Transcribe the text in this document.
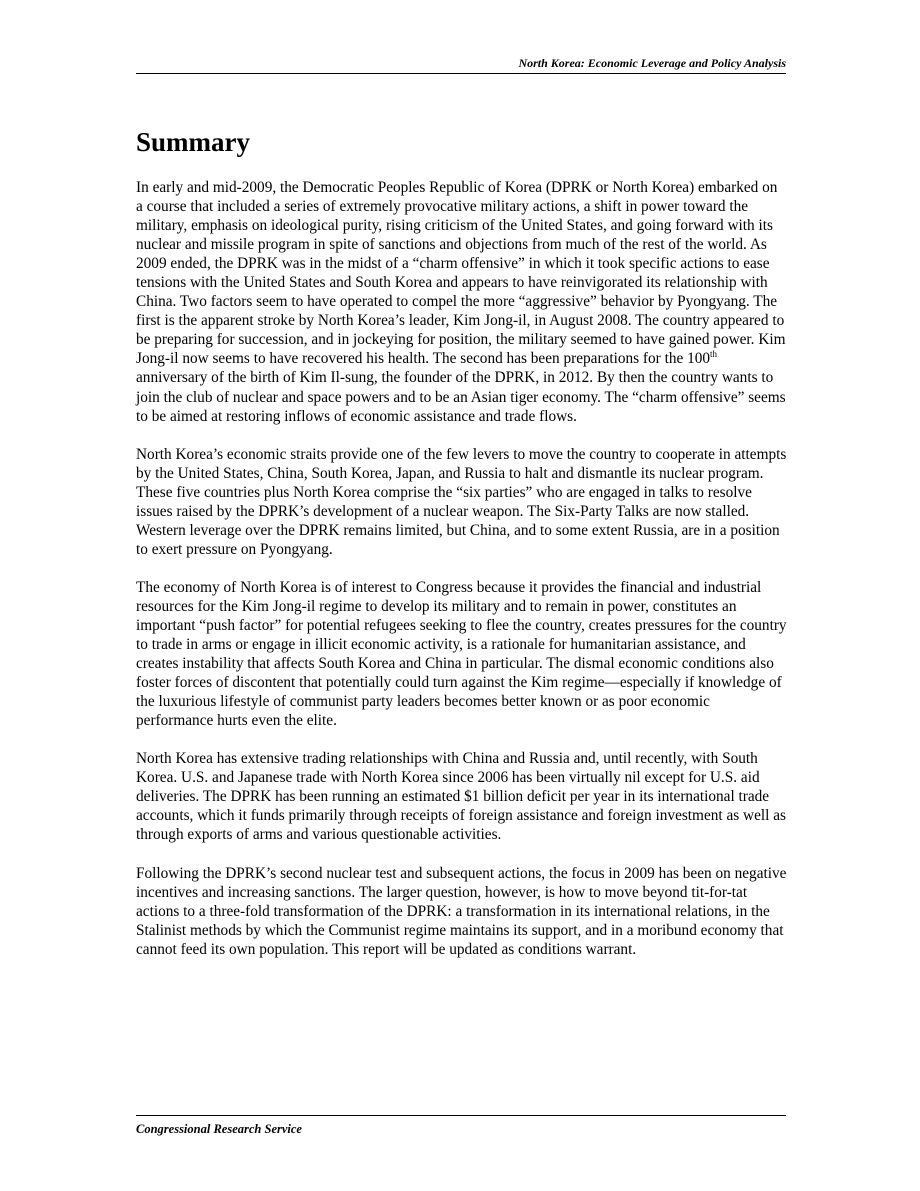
North Korea: Economic Leverage and Policy Analysis
Summary

In early and mid-2009, the Democratic Peoples Republic of Korea (DPRK or North Korea) embarked on a course that included a series of extremely provocative military actions, a shift in power toward the military, emphasis on ideological purity, rising criticism of the United States, and going forward with its nuclear and missile program in spite of sanctions and objections from much of the rest of the world. As 2009 ended, the DPRK was in the midst of a “charm offensive” in which it took specific actions to ease tensions with the United States and South Korea and appears to have reinvigorated its relationship with China. Two factors seem to have operated to compel the more “aggressive” behavior by Pyongyang. The first is the apparent stroke by North Korea’s leader, Kim Jong-il, in August 2008. The country appeared to be preparing for succession, and in jockeying for position, the military seemed to have gained power. Kim Jong-il now seems to have recovered his health. The second has been preparations for the 100th anniversary of the birth of Kim Il-sung, the founder of the DPRK, in 2012. By then the country wants to join the club of nuclear and space powers and to be an Asian tiger economy. The “charm offensive” seems to be aimed at restoring inflows of economic assistance and trade flows.

North Korea’s economic straits provide one of the few levers to move the country to cooperate in attempts by the United States, China, South Korea, Japan, and Russia to halt and dismantle its nuclear program. These five countries plus North Korea comprise the “six parties” who are engaged in talks to resolve issues raised by the DPRK’s development of a nuclear weapon. The Six-Party Talks are now stalled. Western leverage over the DPRK remains limited, but China, and to some extent Russia, are in a position to exert pressure on Pyongyang.

The economy of North Korea is of interest to Congress because it provides the financial and industrial resources for the Kim Jong-il regime to develop its military and to remain in power, constitutes an important “push factor” for potential refugees seeking to flee the country, creates pressures for the country to trade in arms or engage in illicit economic activity, is a rationale for humanitarian assistance, and creates instability that affects South Korea and China in particular. The dismal economic conditions also foster forces of discontent that potentially could turn against the Kim regime—especially if knowledge of the luxurious lifestyle of communist party leaders becomes better known or as poor economic performance hurts even the elite.

North Korea has extensive trading relationships with China and Russia and, until recently, with South Korea. U.S. and Japanese trade with North Korea since 2006 has been virtually nil except for U.S. aid deliveries. The DPRK has been running an estimated $1 billion deficit per year in its international trade accounts, which it funds primarily through receipts of foreign assistance and foreign investment as well as through exports of arms and various questionable activities.

Following the DPRK’s second nuclear test and subsequent actions, the focus in 2009 has been on negative incentives and increasing sanctions. The larger question, however, is how to move beyond tit-for-tat actions to a three-fold transformation of the DPRK: a transformation in its international relations, in the Stalinist methods by which the Communist regime maintains its support, and in a moribund economy that cannot feed its own population. This report will be updated as conditions warrant.

Congressional Research Service
